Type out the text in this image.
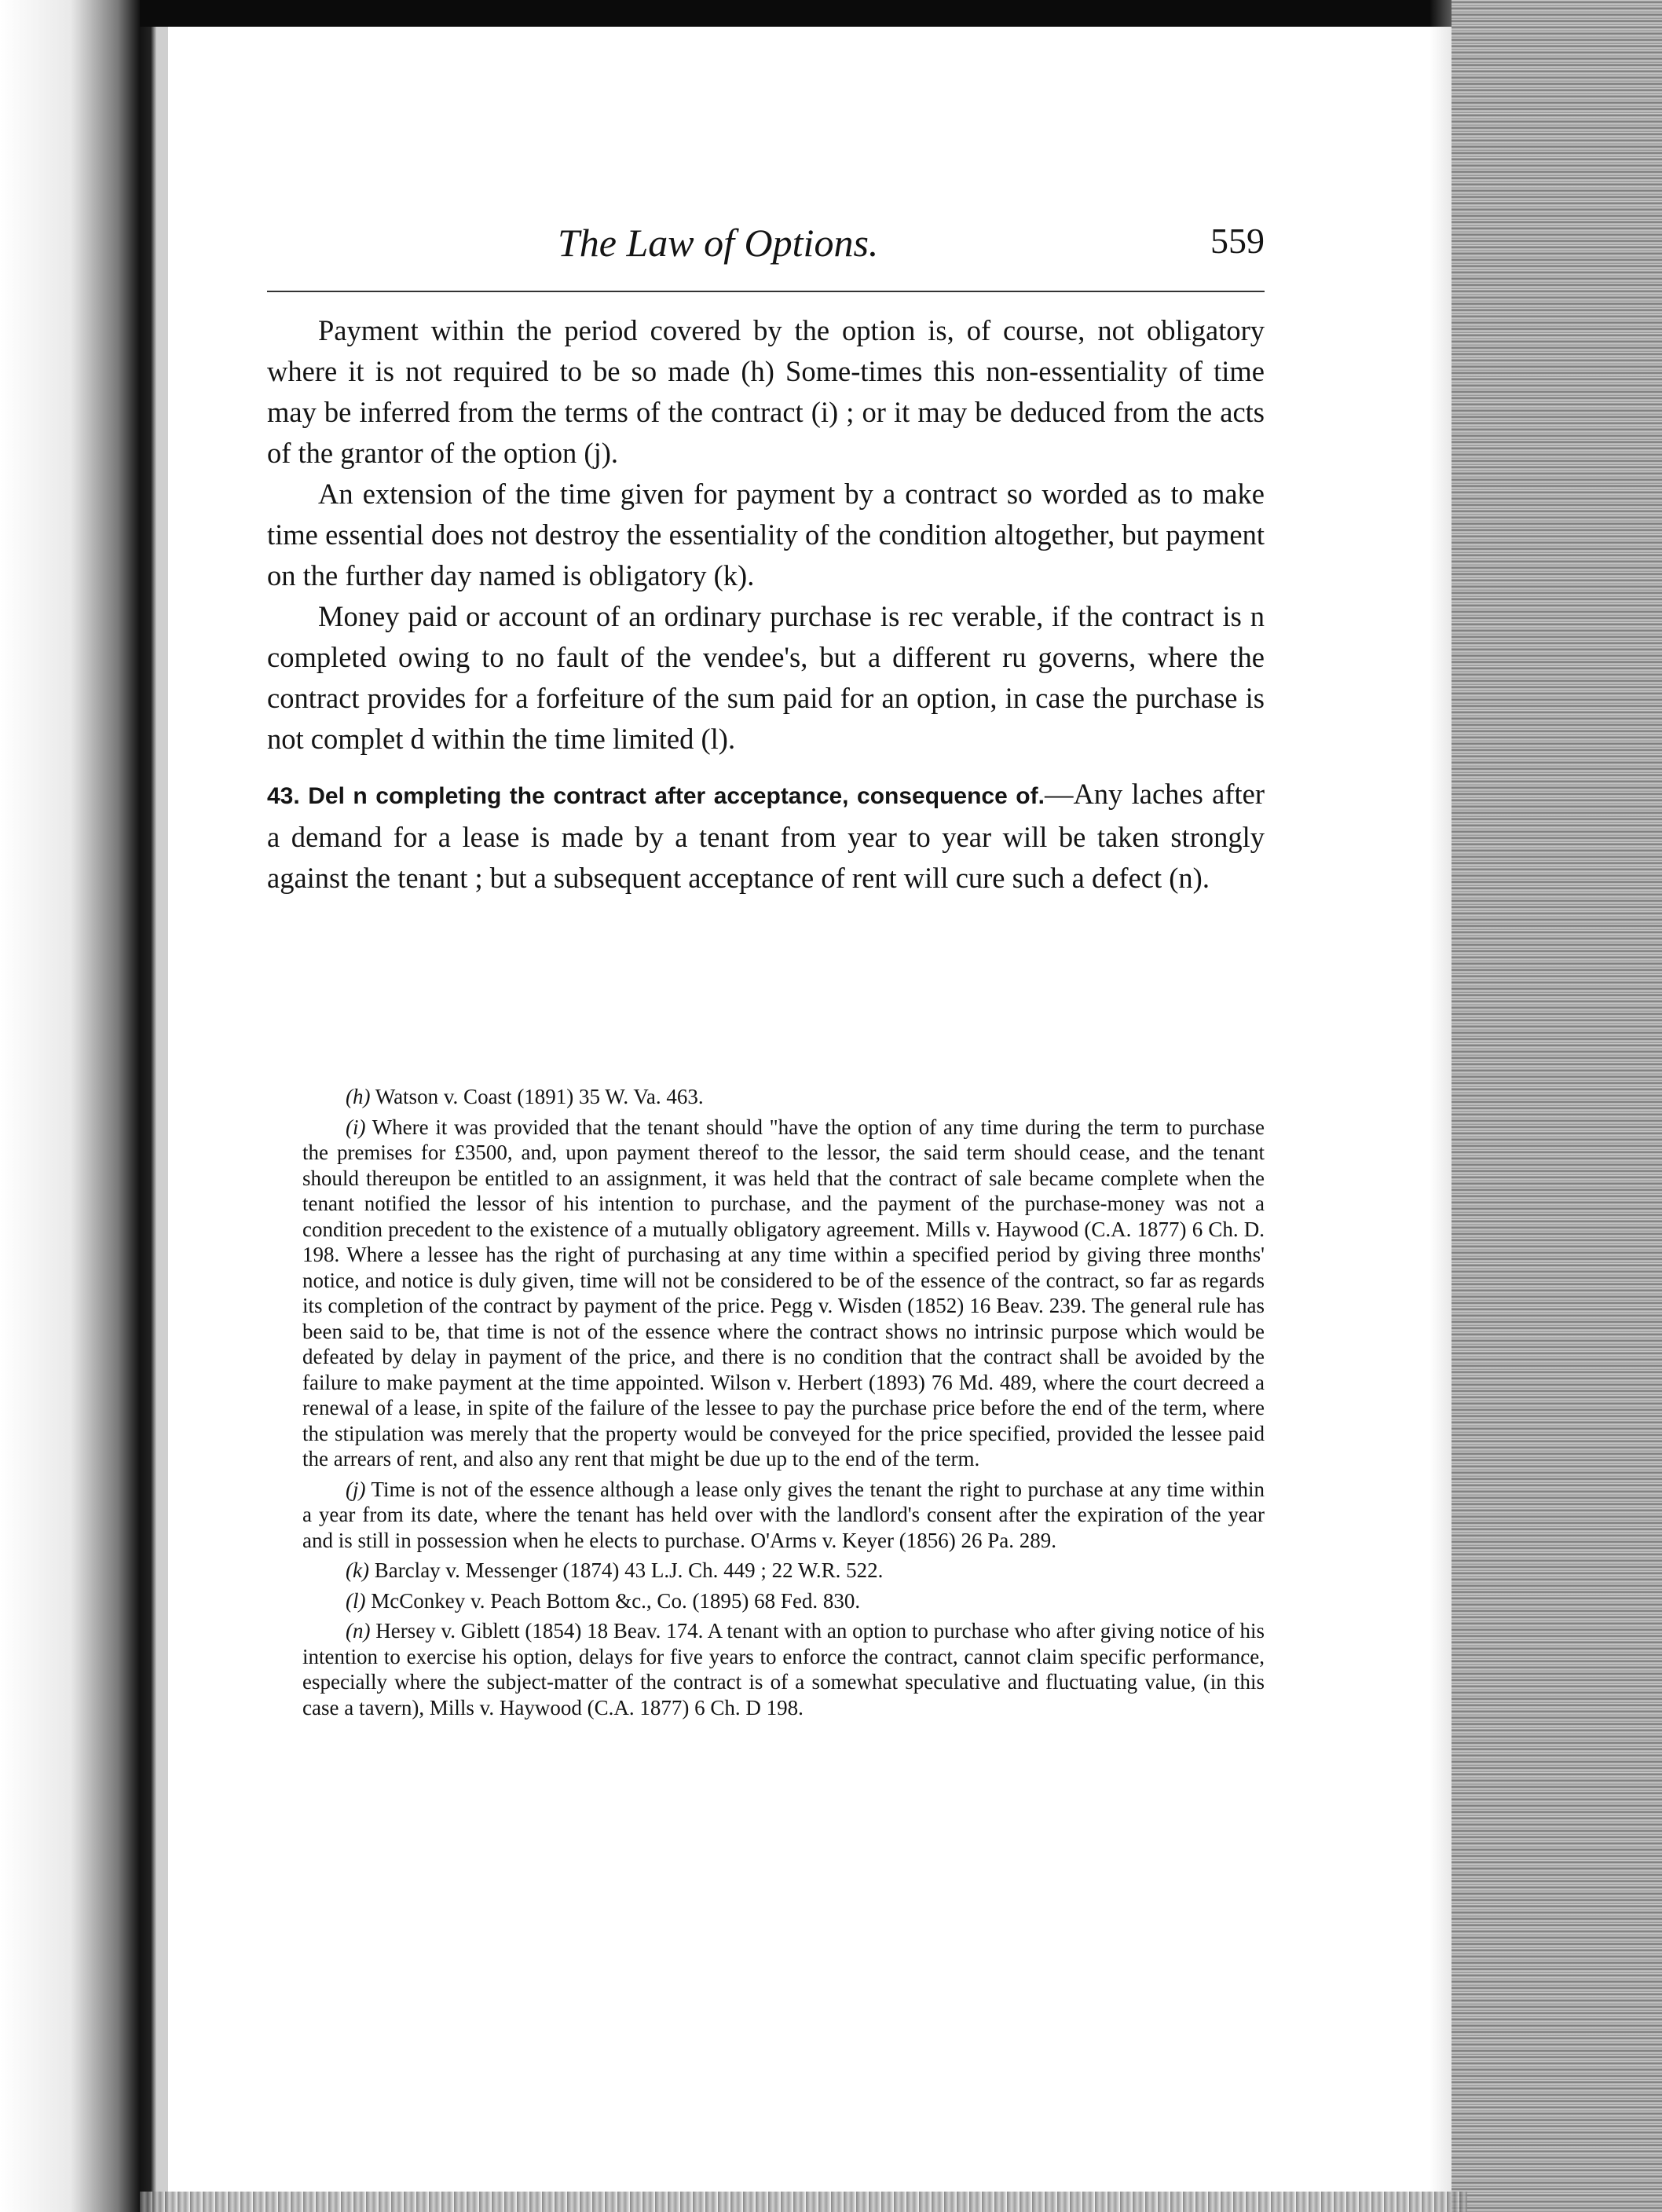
The Law of Options.	559

Payment within the period covered by the option is, of course, not obligatory where it is not required to be so made (h) Some-times this non-essentiality of time may be inferred from the terms of the contract (i) ; or it may be deduced from the acts of the grantor of the option (j).

An extension of the time given for payment by a contract so worded as to make time essential does not destroy the essentiality of the condition altogether, but payment on the further day named is obligatory (k).

Money paid or account of an ordinary purchase is rec verable, if the contract is n completed owing to no fault of the vendee's, but a different ru governs, where the contract provides for a forfeiture of the sum paid for an option, in case the purchase is not complet d within the time limited (l).

43. Del n completing the contract after acceptance, consequence of.—Any laches after a demand for a lease is made by a tenant from year to year will be taken strongly against the tenant ; but a subsequent acceptance of rent will cure such a defect (n).

(h) Watson v. Coast (1891) 35 W. Va. 463.

(i) Where it was provided that the tenant should "have the option of any time during the term to purchase the premises for £3500, and, upon payment thereof to the lessor, the said term should cease, and the tenant should thereupon be entitled to an assignment, it was held that the contract of sale became complete when the tenant notified the lessor of his intention to purchase, and the payment of the purchase-money was not a condition precedent to the existence of a mutually obligatory agreement. Mills v. Haywood (C.A. 1877) 6 Ch. D. 198. Where a lessee has the right of purchasing at any time within a specified period by giving three months' notice, and notice is duly given, time will not be considered to be of the essence of the contract, so far as regards its completion of the contract by payment of the price. Pegg v. Wisden (1852) 16 Beav. 239. The general rule has been said to be, that time is not of the essence where the contract shows no intrinsic purpose which would be defeated by delay in payment of the price, and there is no condition that the contract shall be avoided by the failure to make payment at the time appointed. Wilson v. Herbert (1893) 76 Md. 489, where the court decreed a renewal of a lease, in spite of the failure of the lessee to pay the purchase price before the end of the term, where the stipulation was merely that the property would be conveyed for the price specified, provided the lessee paid the arrears of rent, and also any rent that might be due up to the end of the term.

(j) Time is not of the essence although a lease only gives the tenant the right to purchase at any time within a year from its date, where the tenant has held over with the landlord's consent after the expiration of the year and is still in possession when he elects to purchase. O'Arms v. Keyer (1856) 26 Pa. 289.

(k) Barclay v. Messenger (1874) 43 L.J. Ch. 449 ; 22 W.R. 522.

(l) McConkey v. Peach Bottom &c., Co. (1895) 68 Fed. 830.

(n) Hersey v. Giblett (1854) 18 Beav. 174. A tenant with an option to purchase who after giving notice of his intention to exercise his option, delays for five years to enforce the contract, cannot claim specific performance, especially where the subject-matter of the contract is of a somewhat speculative and fluctuating value, (in this case a tavern), Mills v. Haywood (C.A. 1877) 6 Ch. D 198.
